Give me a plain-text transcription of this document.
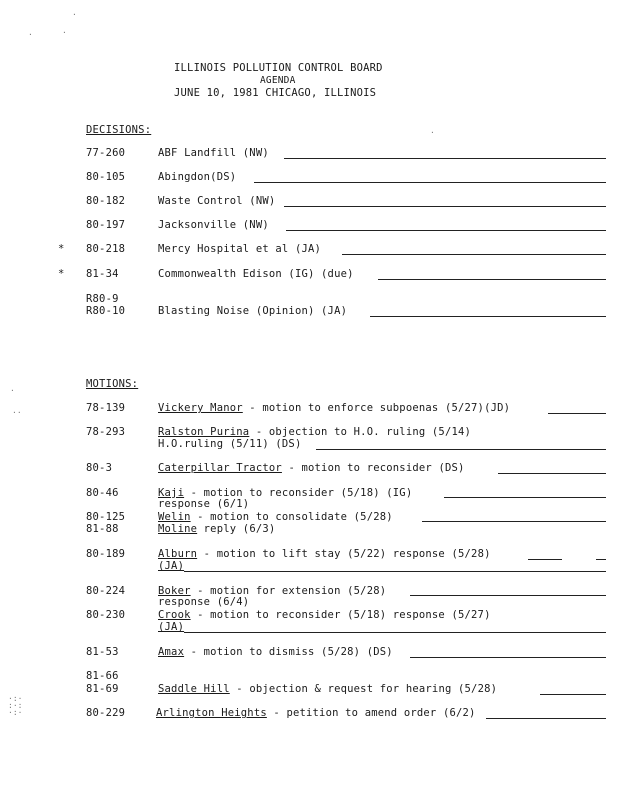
ILLINOIS POLLUTION CONTROL BOARD
AGENDA
JUNE 10, 1981 CHICAGO, ILLINOIS
DECISIONS:
77-260	ABF Landfill (NW)
80-105	Abingdon(DS)
80-182	Waste Control (NW)
80-197	Jacksonville (NW)
* 80-218	Mercy Hospital et al (JA)
* 81-34	Commonwealth Edison (IG) (due)
R80-9
R80-10	Blasting Noise (Opinion) (JA)
MOTIONS:
78-139	Vickery Manor - motion to enforce subpoenas (5/27)(JD)
78-293	Ralston Purina - objection to H.O. ruling (5/14)
H.O.ruling (5/11) (DS)
80-3	Caterpillar Tractor - motion to reconsider (DS)
80-46	Kaji - motion to reconsider (5/18) (IG)
response (6/1)
80-125	Welin - motion to consolidate (5/28)
81-88	Moline reply (6/3)
80-189	Alburn - motion to lift stay (5/22) response (5/28)
(JA)
80-224	Boker - motion for extension (5/28)
response (6/4)
80-230	Crook - motion to reconsider (5/18) response (5/27)
(JA)
81-53	Amax - motion to dismiss (5/28) (DS)
81-66
81-69	Saddle Hill - objection & request for hearing (5/28)
80-229	Arlington Heights - petition to amend order (6/2)
·
·	·
·
·
··
·:·
:·:
·:·
